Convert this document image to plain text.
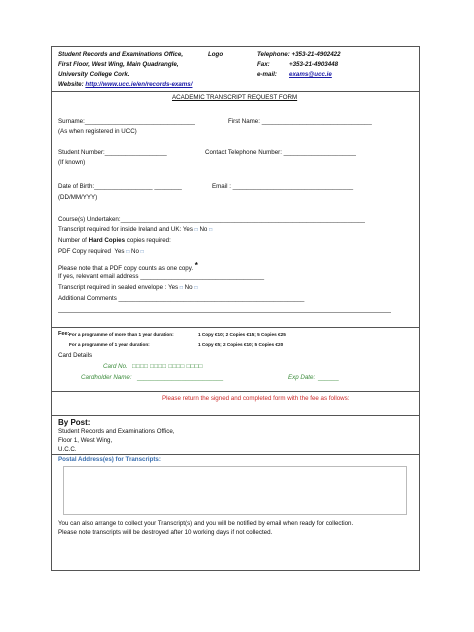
Student Records and Examinations Office,
First Floor, West Wing, Main Quadrangle,
University College Cork.
Website: http://www.ucc.ie/en/records-exams/
Logo	Telephone: +353-21-4902422
Fax:	+353-21-4903448
e-mail: exams@ucc.ie
ACADEMIC TRANSCRIPT REQUEST FORM
Surname:________________________________	First Name: ________________________________
(As when registered in UCC)
Student Number:__________________	Contact Telephone Number: _____________________
(If known)
Date of Birth:_________________ ________	Email : ___________________________________
(DD/MM/YYY)
Course(s) Undertaken:_______________________________________________________________________
Transcript required for inside Ireland and UK: Yes □ No □
Number of Hard Copies copies required:
PDF Copy required Yes □ No □
Please note that a PDF copy counts as one copy. *
If yes, relevant email address ____________________________________
Transcript required in sealed envelope : Yes □ No □
Additional Comments ______________________________________________________
Fee: For a programme of more than 1 year duration:	1 Copy €10; 2 Copies €15; 5 Copies €25
For a programme of 1 year duration:	1 Copy €5; 2 Copies €10; 5 Copies €20
Card Details
Card No. □□□□ □□□□ □□□□ □□□□
Cardholder Name: _________________________	Exp Date: ______
Please return the signed and completed form with the fee as follows:
By Post:
Student Records and Examinations Office,
Floor 1, West Wing,
U.C.C.
Postal Address(es) for Transcripts:
You can also arrange to collect your Transcript(s) and you will be notified by email when ready for collection.
Please note transcripts will be destroyed after 10 working days if not collected.
